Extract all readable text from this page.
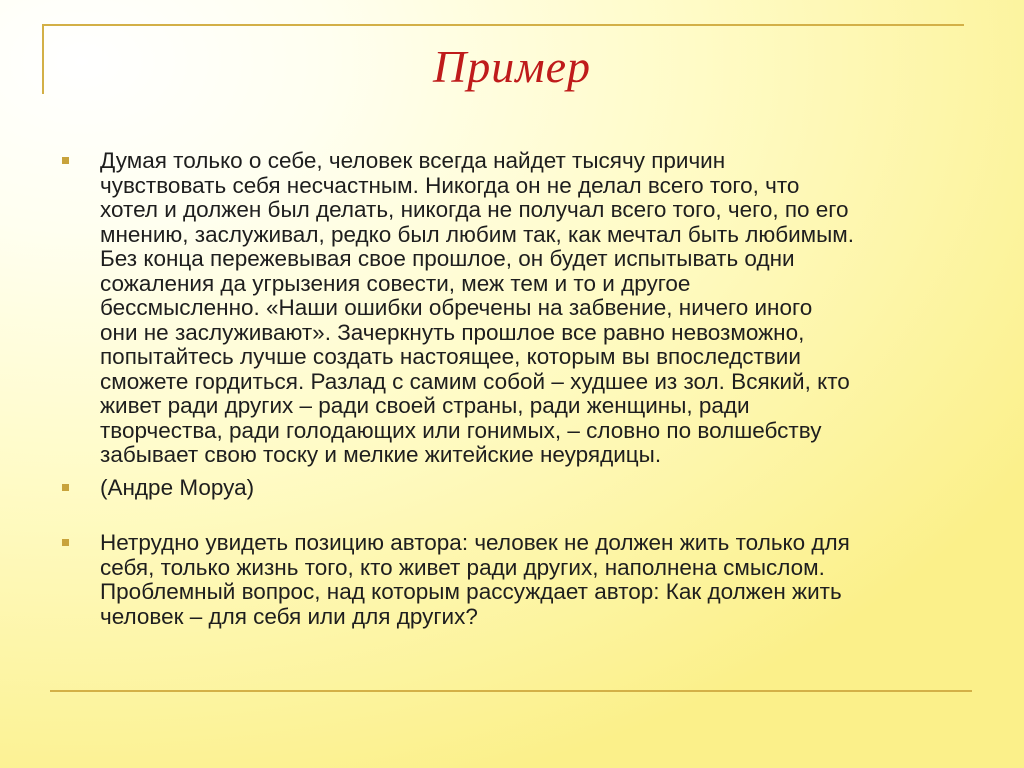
Пример
Думая только о себе, человек всегда найдет тысячу причин
чувствовать себя несчастным. Никогда он не делал всего того, что
хотел и должен был делать, никогда не получал всего того, чего, по его
мнению, заслуживал, редко был любим так, как мечтал быть любимым.
Без конца пережевывая свое прошлое, он будет испытывать одни
сожаления да угрызения совести, меж тем и то и другое
бессмысленно. «Наши ошибки обречены на забвение, ничего иного
они не заслуживают». Зачеркнуть прошлое все равно невозможно,
попытайтесь лучше создать настоящее, которым вы впоследствии
сможете гордиться. Разлад с самим собой – худшее из зол. Всякий, кто
живет ради других – ради своей страны, ради женщины, ради
творчества, ради голодающих или гонимых, – словно по волшебству
забывает свою тоску и мелкие житейские неурядицы.
(Андре Моруа)
Нетрудно увидеть позицию автора: человек не должен жить только для
себя, только жизнь того, кто живет ради других, наполнена смыслом.
Проблемный вопрос, над которым рассуждает автор: Как должен жить
человек – для себя или для других?
